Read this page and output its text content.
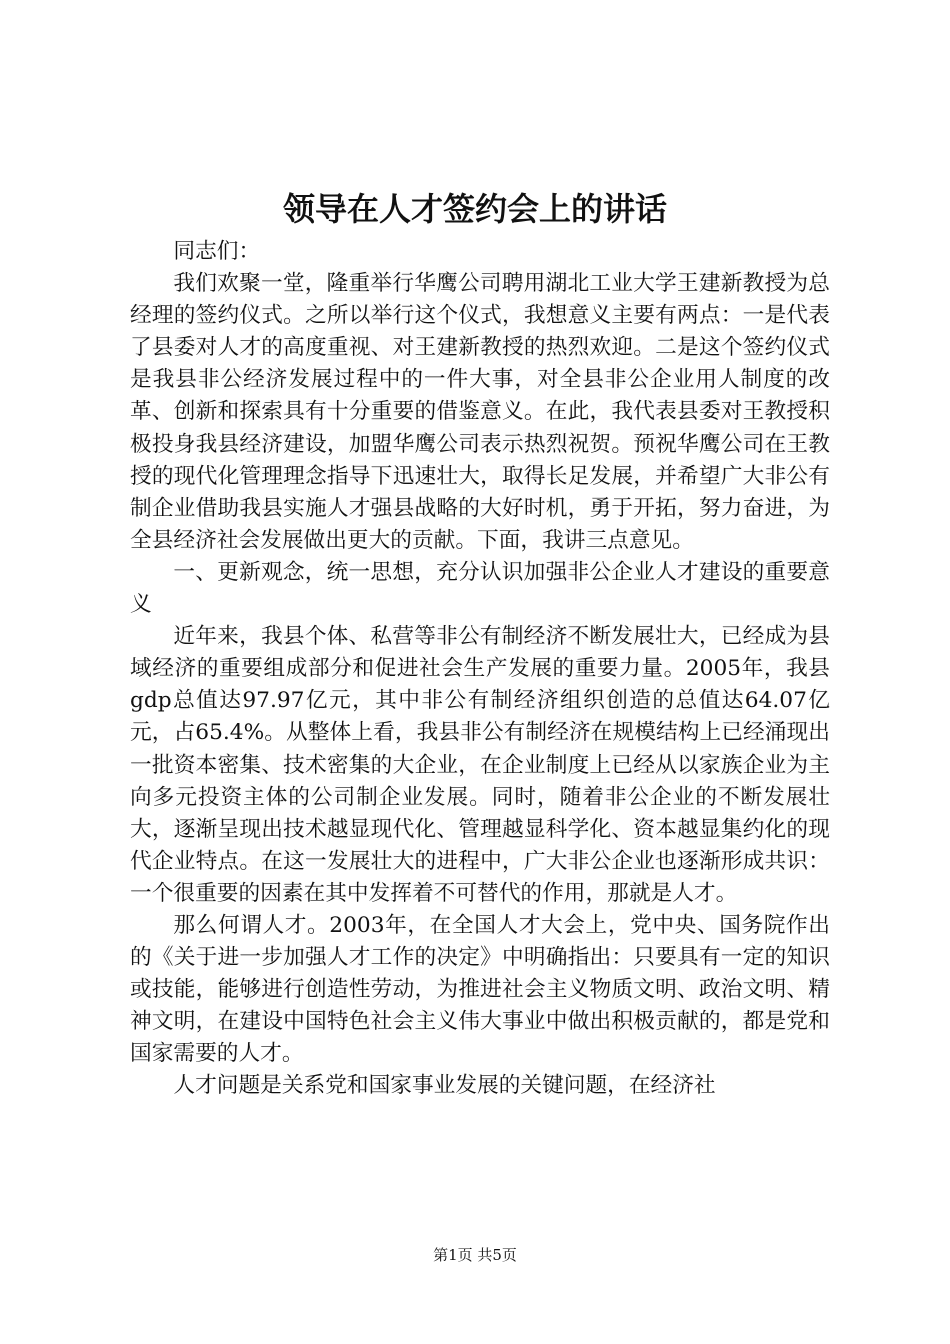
领导在人才签约会上的讲话

同志们：

我们欢聚一堂，隆重举行华鹰公司聘用湖北工业大学王建新教授为总经理的签约仪式。之所以举行这个仪式，我想意义主要有两点：一是代表了县委对人才的高度重视、对王建新教授的热烈欢迎。二是这个签约仪式是我县非公经济发展过程中的一件大事，对全县非公企业用人制度的改革、创新和探索具有十分重要的借鉴意义。在此，我代表县委对王教授积极投身我县经济建设，加盟华鹰公司表示热烈祝贺。预祝华鹰公司在王教授的现代化管理理念指导下迅速壮大，取得长足发展，并希望广大非公有制企业借助我县实施人才强县战略的大好时机，勇于开拓，努力奋进，为全县经济社会发展做出更大的贡献。下面，我讲三点意见。

一、更新观念，统一思想，充分认识加强非公企业人才建设的重要意义

近年来，我县个体、私营等非公有制经济不断发展壮大，已经成为县域经济的重要组成部分和促进社会生产发展的重要力量。2005年，我县gdp总值达97.97亿元，其中非公有制经济组织创造的总值达64.07亿元，占65.4%。从整体上看，我县非公有制经济在规模结构上已经涌现出一批资本密集、技术密集的大企业，在企业制度上已经从以家族企业为主向多元投资主体的公司制企业发展。同时，随着非公企业的不断发展壮大，逐渐呈现出技术越显现代化、管理越显科学化、资本越显集约化的现代企业特点。在这一发展壮大的进程中，广大非公企业也逐渐形成共识：一个很重要的因素在其中发挥着不可替代的作用，那就是人才。

那么何谓人才。2003年，在全国人才大会上，党中央、国务院作出的《关于进一步加强人才工作的决定》中明确指出：只要具有一定的知识或技能，能够进行创造性劳动，为推进社会主义物质文明、政治文明、精神文明，在建设中国特色社会主义伟大事业中做出积极贡献的，都是党和国家需要的人才。

人才问题是关系党和国家事业发展的关键问题，在经济社

第1页 共5页
